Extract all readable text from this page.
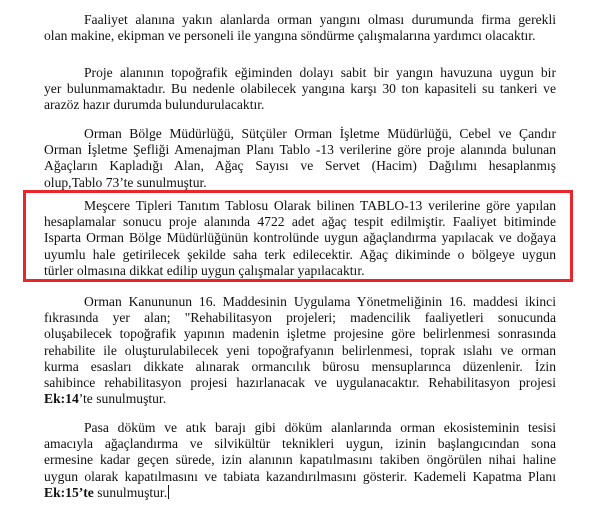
Faaliyet alanına yakın alanlarda orman yangını olması durumunda firma gerekli
olan makine, ekipman ve personeli ile yangına söndürme çalışmalarına yardımcı olacaktır.

Proje alanının topoğrafik eğiminden dolayı sabit bir yangın havuzuna uygun bir
yer bulunmamaktadır. Bu nedenle olabilecek yangına karşı 30 ton kapasiteli su tankeri ve
arazöz hazır durumda bulundurulacaktır.

Orman Bölge Müdürlüğü, Sütçüler Orman İşletme Müdürlüğü, Cebel ve Çandır
Orman İşletme Şefliği Amenajman Planı Tablo -13 verilerine göre proje alanında bulunan
Ağaçların Kapladığı Alan, Ağaç Sayısı ve Servet (Hacim) Dağılımı hesaplanmış
olup,Tablo 73’te sunulmuştur.

Meşcere Tipleri Tanıtım Tablosu Olarak bilinen TABLO-13 verilerine göre yapılan
hesaplamalar sonucu proje alanında 4722 adet ağaç tespit edilmiştir. Faaliyet bitiminde
Isparta Orman Bölge Müdürlüğünün kontrolünde uygun ağaçlandırma yapılacak ve doğaya
uyumlu hale getirilecek şekilde saha terk edilecektir. Ağaç dikiminde o bölgeye uygun
türler olmasına dikkat edilip uygun çalışmalar yapılacaktır.

Orman Kanununun 16. Maddesinin Uygulama Yönetmeliğinin 16. maddesi ikinci
fıkrasında yer alan; "Rehabilitasyon projeleri; madencilik faaliyetleri sonucunda
oluşabilecek topoğrafik yapının madenin işletme projesine göre belirlenmesi sonrasında
rehabilite ile oluşturulabilecek yeni topoğrafyanın belirlenmesi, toprak ıslahı ve orman
kurma esasları dikkate alınarak ormancılık bürosu mensuplarınca düzenlenir. İzin
sahibince rehabilitasyon projesi hazırlanacak ve uygulanacaktır. Rehabilitasyon projesi
Ek:14’te sunulmuştur.

Pasa döküm ve atık barajı gibi döküm alanlarında orman ekosisteminin tesisi
amacıyla ağaçlandırma ve silvikültür teknikleri uygun, izinin başlangıcından sona
ermesine kadar geçen sürede, izin alanının kapatılmasını takiben öngörülen nihai haline
uygun olarak kapatılmasını ve tabiata kazandırılmasını gösterir. Kademeli Kapatma Planı
Ek:15’te sunulmuştur.
